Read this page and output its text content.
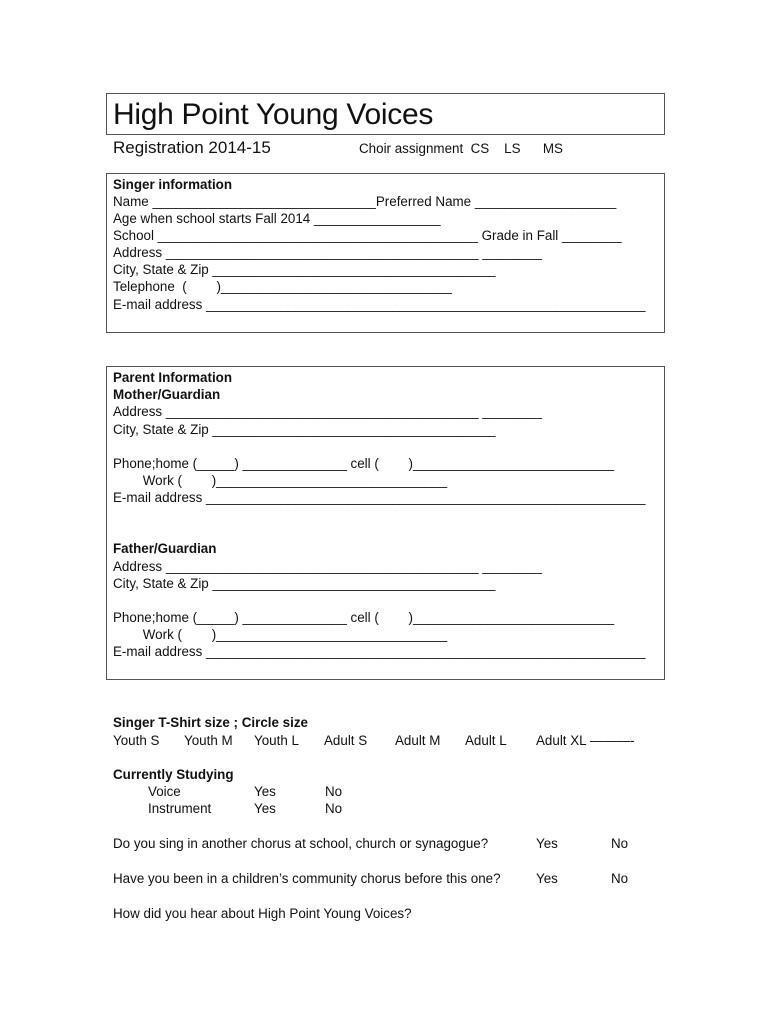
High Point Young Voices
Registration 2014-15	Choir assignment  CS    LS      MS
Singer information
Name ______________________________Preferred Name ___________________
Age when school starts Fall 2014 _________________
School ___________________________________________ Grade in Fall ________
Address __________________________________________ ________
City, State & Zip ______________________________________
Telephone  (        )_______________________________
E-mail address ___________________________________________________________
Parent Information
Mother/Guardian
Address __________________________________________ ________
City, State & Zip ______________________________________
Phone;home (_____) ______________ cell (        )___________________________
Work (        )_______________________________
E-mail address ___________________________________________________________
Father/Guardian
Address __________________________________________ ________
City, State & Zip ______________________________________
Phone;home (_____) ______________ cell (        )___________________________
Work (        )_______________________________
E-mail address ___________________________________________________________
Singer T-Shirt size ; Circle size
Youth S Youth M Youth L Adult S Adult M Adult L Adult XL ———-
Currently Studying
Voice	Yes	No
Instrument	Yes	No
Do you sing in another chorus at school, church or synagogue?	Yes	No
Have you been in a children’s community chorus before this one?	Yes	No
How did you hear about High Point Young Voices?
